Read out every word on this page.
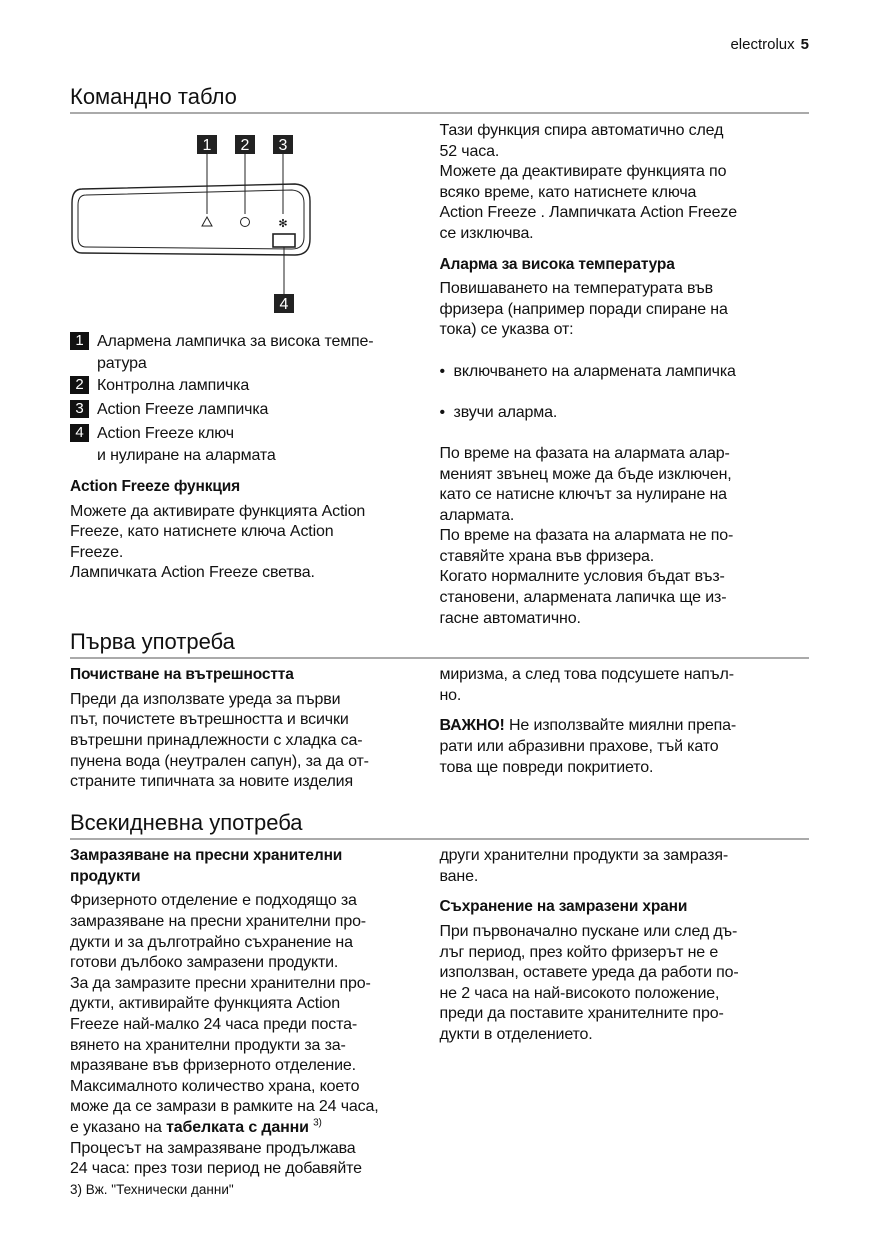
electrolux 5
Командно табло
1 2 3
4
✻
1 Алармена лампичка за висока темпе-
ратура
2 Контролна лампичка
3 Action Freeze лампичка
4 Action Freeze ключ
и нулиране на алармата
Action Freeze функция
Можете да активирате функцията Action
Freeze, като натиснете ключа Action
Freeze.
Лампичката Action Freeze светва.
Тази функция спира автоматично след
52 часа.
Можете да деактивирате функцията по
всяко време, като натиснете ключа
Action Freeze . Лампичката Action Freeze
се изключва.
Аларма за висока температура
Повишаването на температурата във
фризера (например поради спиране на
тока) се указва от:

•  включването на алармената лампичка

•  звучи аларма.

По време на фазата на алармата алар-
меният звънец може да бъде изключен,
като се натисне ключът за нулиране на
алармата.
По време на фазата на алармата не по-
ставяйте храна във фризера.
Когато нормалните условия бъдат въз-
становени, алармената лапичка ще из-
гасне автоматично.
Първа употреба
Почистване на вътрешността
Преди да използвате уреда за първи
път, почистете вътрешността и всички
вътрешни принадлежности с хладка са-
пунена вода (неутрален сапун), за да от-
страните типичната за новите изделия
миризма, а след това подсушете напъл-
но.
ВАЖНО! Не използвайте миялни препа-
рати или абразивни прахове, тъй като
това ще повреди покритието.
Всекидневна употреба
Замразяване на пресни хранителни
продукти
Фризерното отделение е подходящо за
замразяване на пресни хранителни про-
дукти и за дълготрайно съхранение на
готови дълбоко замразени продукти.
За да замразите пресни хранителни про-
дукти, активирайте функцията Action
Freeze най-малко 24 часа преди поста-
вянето на хранителни продукти за за-
мразяване във фризерното отделение.
Максималното количество храна, което
може да се замрази в рамките на 24 часа,
е указано на табелката с данни $^{3)}$
Процесът на замразяване продължава
24 часа: през този период не добавяйте
3) Вж. "Технически данни"
други хранителни продукти за замразя-
ване.
Съхранение на замразени храни
При първоначално пускане или след дъ-
лъг период, през който фризерът не е
използван, оставете уреда да работи по-
не 2 часа на най-високото положение,
преди да поставите хранителните про-
дукти в отделението.
